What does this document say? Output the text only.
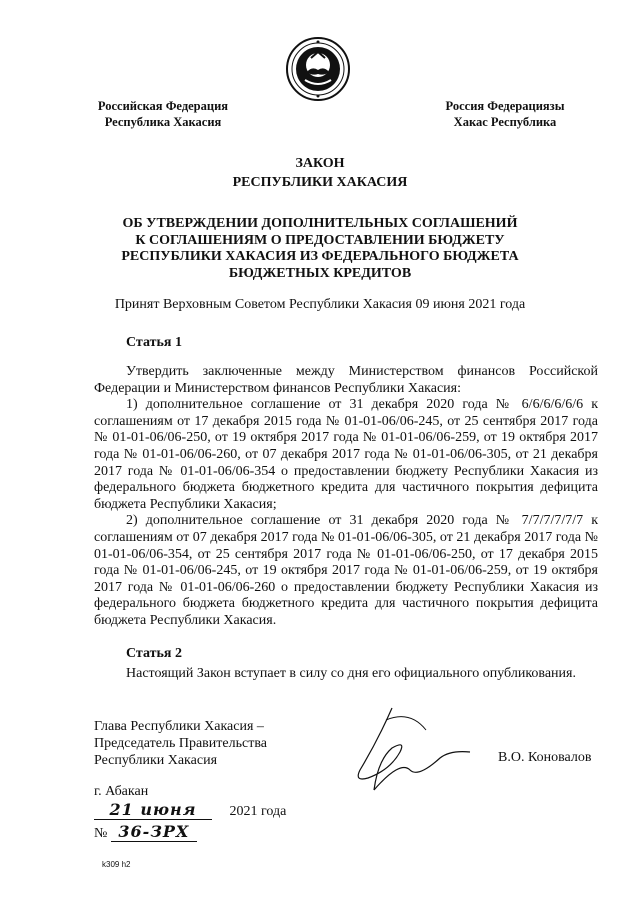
Российская Федерация
Республика Хакасия
Россия Федерациязы
Хакас Республика
ЗАКОН
РЕСПУБЛИКИ ХАКАСИЯ
ОБ УТВЕРЖДЕНИИ ДОПОЛНИТЕЛЬНЫХ СОГЛАШЕНИЙ
К СОГЛАШЕНИЯМ О ПРЕДОСТАВЛЕНИИ БЮДЖЕТУ
РЕСПУБЛИКИ ХАКАСИЯ ИЗ ФЕДЕРАЛЬНОГО БЮДЖЕТА
БЮДЖЕТНЫХ КРЕДИТОВ
Принят Верховным Советом Республики Хакасия 09 июня 2021 года
Статья 1
Утвердить заключенные между Министерством финансов Российской Федерации и Министерством финансов Республики Хакасия:
1) дополнительное соглашение от 31 декабря 2020 года № 6/6/6/6/6/6 к соглашениям от 17 декабря 2015 года № 01-01-06/06-245, от 25 сентября 2017 года № 01-01-06/06-250, от 19 октября 2017 года № 01-01-06/06-259, от 19 октября 2017 года № 01-01-06/06-260, от 07 декабря 2017 года № 01-01-06/06-305, от 21 декабря 2017 года № 01-01-06/06-354 о предоставлении бюджету Республики Хакасия из федерального бюджета бюджетного кредита для частичного покрытия дефицита бюджета Республики Хакасия;
2) дополнительное соглашение от 31 декабря 2020 года № 7/7/7/7/7/7 к соглашениям от 07 декабря 2017 года № 01-01-06/06-305, от 21 декабря 2017 года № 01-01-06/06-354, от 25 сентября 2017 года № 01-01-06/06-250, от 17 декабря 2015 года № 01-01-06/06-245, от 19 октября 2017 года № 01-01-06/06-259, от 19 октября 2017 года № 01-01-06/06-260 о предоставлении бюджету Республики Хакасия из федерального бюджета бюджетного кредита для частичного покрытия дефицита бюджета Республики Хакасия.
Статья 2
Настоящий Закон вступает в силу со дня его официального опубликования.
Глава Республики Хакасия –
Председатель Правительства
Республики Хакасия	В.О. Коновалов
г. Абакан
21 июня 2021 года
№ 36-ЗРХ
k309 h2
